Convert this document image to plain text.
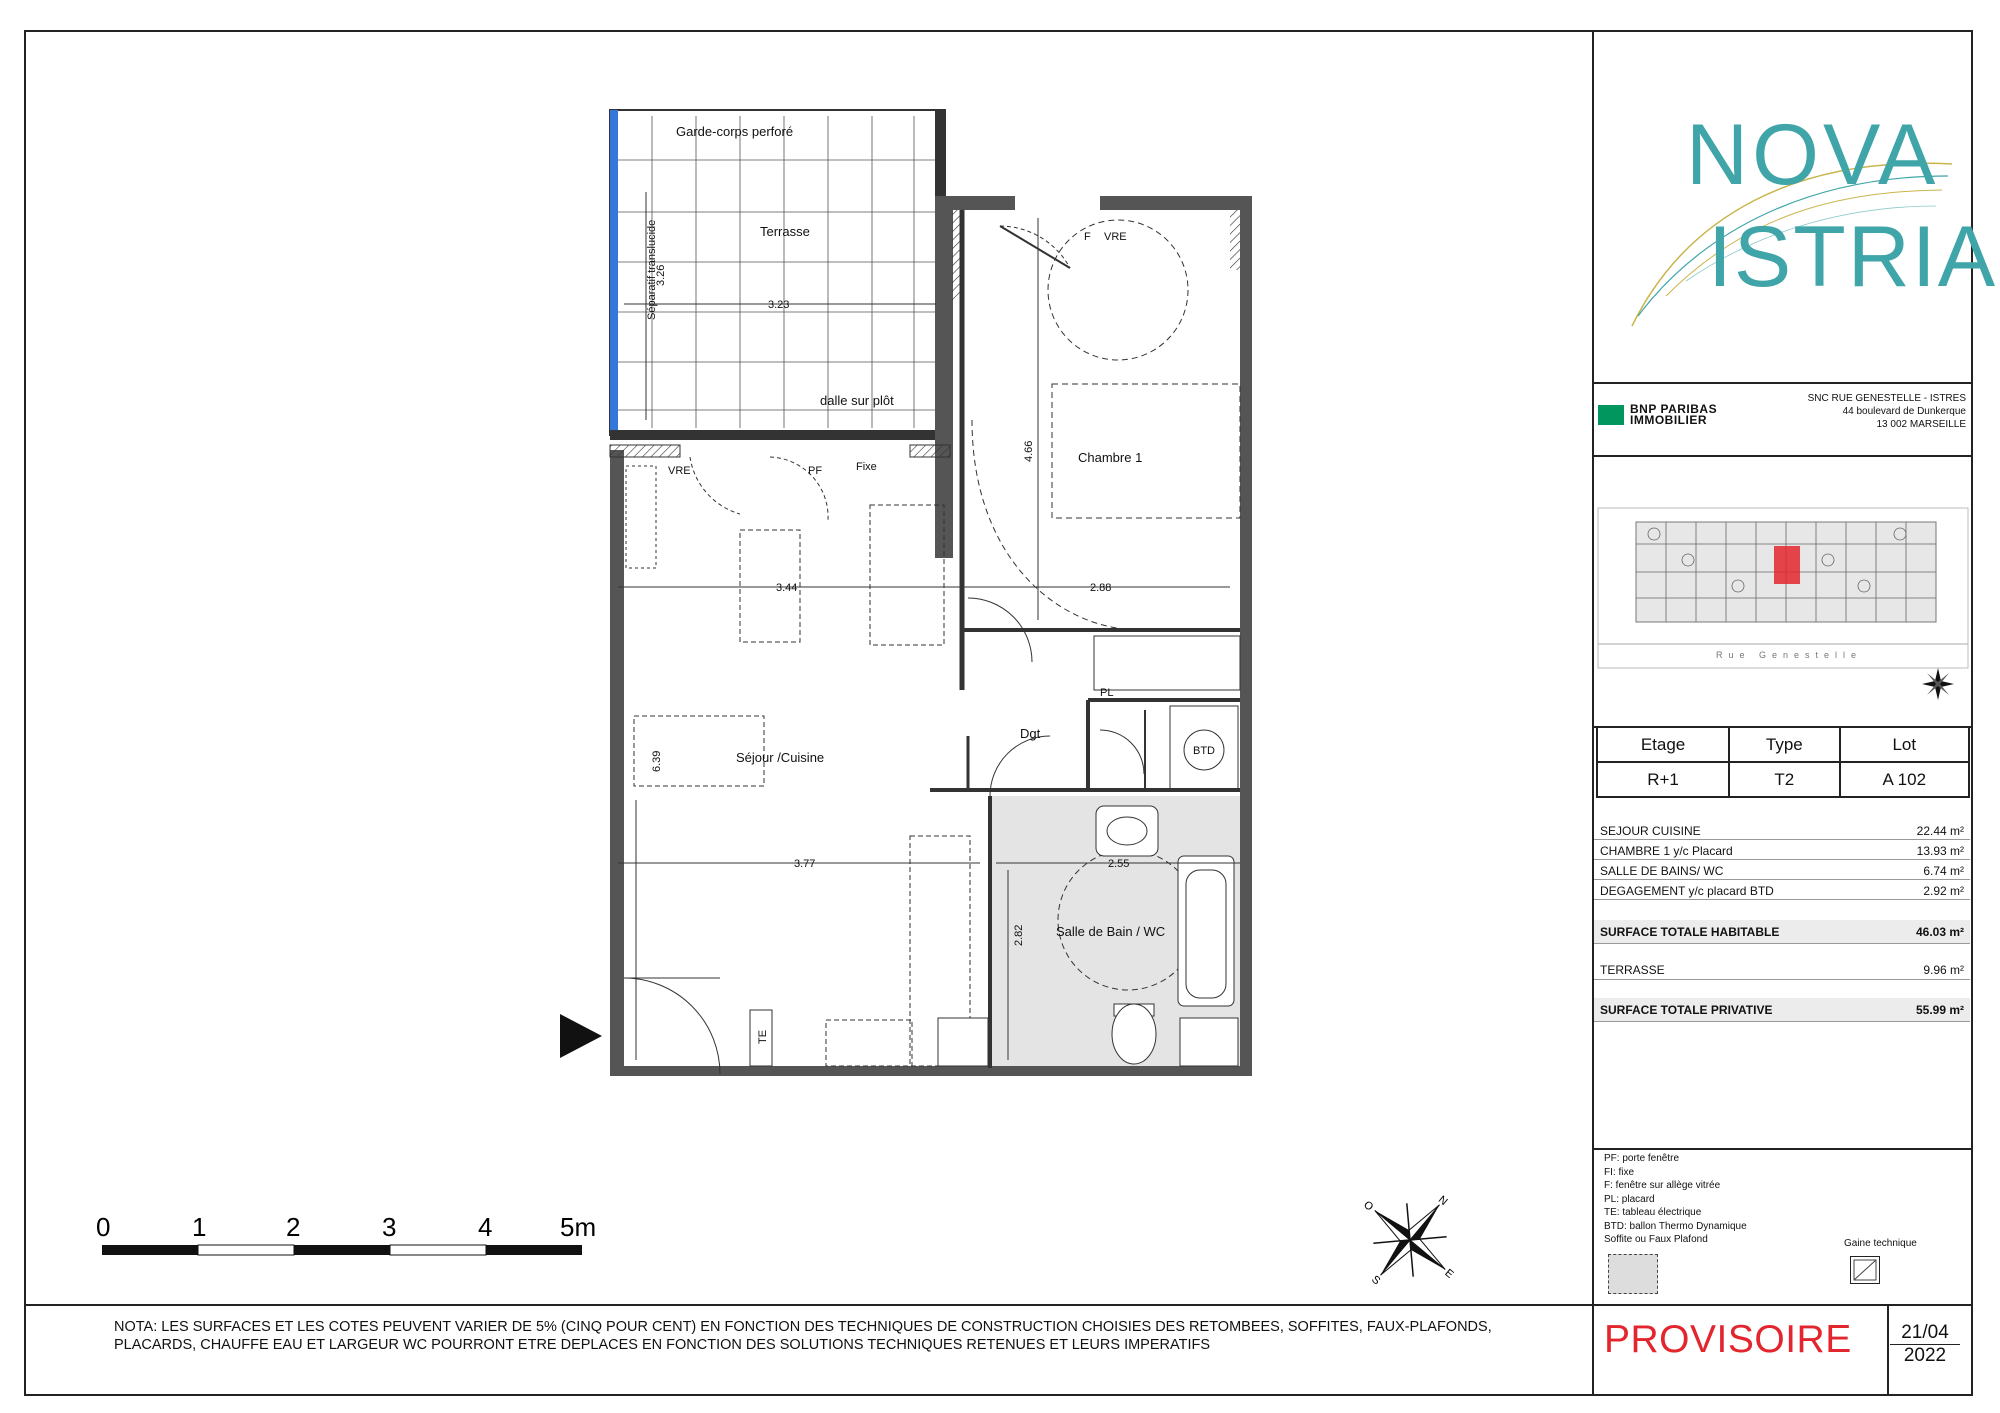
NOVA
ISTRIA
BNP PARIBAS
IMMOBILIER
SNC RUE GENESTELLE - ISTRES
44 boulevard de Dunkerque
13 002 MARSEILLE
Rue Genestelle
Etage	Type	Lot
R+1	T2	A 102
SEJOUR CUISINE	22.44 m²
CHAMBRE 1 y/c Placard	13.93 m²
SALLE DE BAINS/ WC	6.74 m²
DEGAGEMENT y/c placard BTD	2.92 m²
SURFACE TOTALE HABITABLE	46.03 m²
TERRASSE	9.96 m²
SURFACE TOTALE PRIVATIVE	55.99 m²
PF: porte fenêtre
FI: fixe
F: fenêtre sur allège vitrée
PL: placard
TE: tableau électrique
BTD: ballon Thermo Dynamique
Soffite ou Faux Plafond	Gaine technique
PROVISOIRE	21/04
2022
NOTA: LES SURFACES ET LES COTES PEUVENT VARIER DE 5% (CINQ POUR CENT) EN FONCTION DES TECHNIQUES DE CONSTRUCTION CHOISIES DES RETOMBEES, SOFFITES, FAUX-PLAFONDS, PLACARDS, CHAUFFE EAU ET LARGEUR WC POURRONT ETRE DEPLACES EN FONCTION DES SOLUTIONS TECHNIQUES RETENUES ET LEURS IMPERATIFS
0	1	2	3	4	5m
N
E
S
O
Garde-corps perforé
Terrasse
Séparatif translucide
dalle sur plôt
Chambre 1
Séjour /Cuisine
Salle de Bain / WC
Dgt
PL
BTD
TE
VRE
VRE
PF	Fixe
F
3.23
3.26
4.66
3.44	2.88
6.39
3.77	2.55
2.82
